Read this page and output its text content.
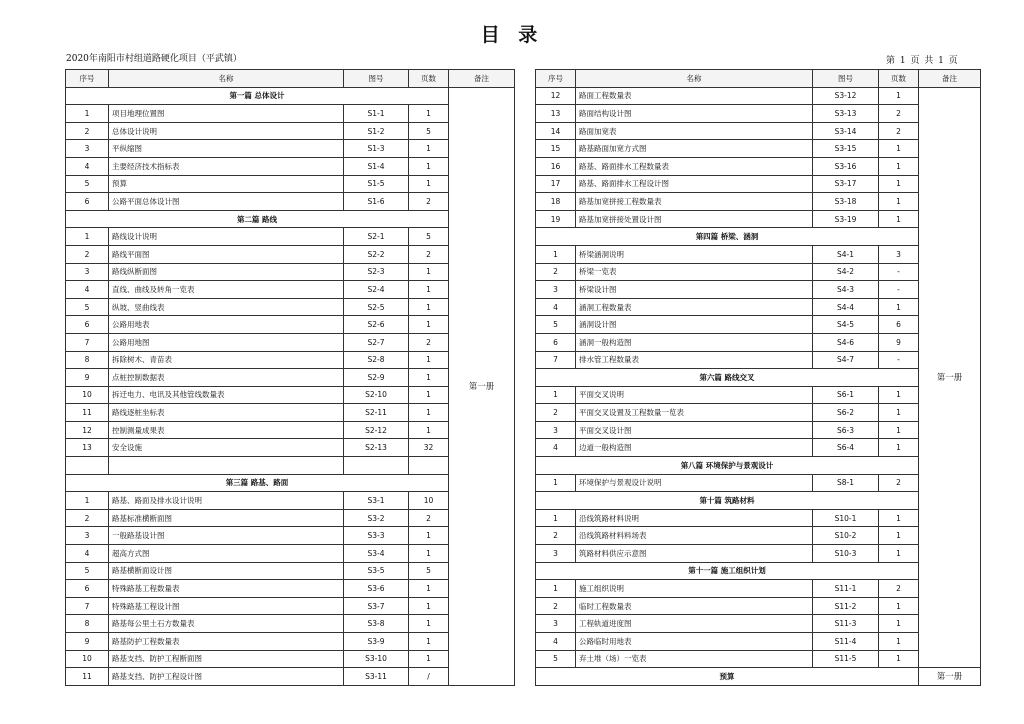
目 录
2020年南阳市村组道路硬化项目（平武镇）	第 1 页 共 1 页
序号	名称	图号	页数	备注
第一篇 总体设计				第一册
1	项目地理位置图	S1-1	1	
2	总体设计说明	S1-2	5	
3	平纵缩图	S1-3	1	
4	主要经济技术指标表	S1-4	1	
5	预算	S1-5	1	
6	公路平面总体设计图	S1-6	2	
第二篇 路线				
1	路线设计说明	S2-1	5	
2	路线平面图	S2-2	2	
3	路线纵断面图	S2-3	1	
4	直线、曲线及转角一览表	S2-4	1	
5	纵坡、竖曲线表	S2-5	1	
6	公路用地表	S2-6	1	
7	公路用地图	S2-7	2	
8	拆除树木、青苗表	S2-8	1	
9	点桩控制数据表	S2-9	1	
10	拆迁电力、电讯及其他管线数量表	S2-10	1	
11	路线逐桩坐标表	S2-11	1	
12	控制测量成果表	S2-12	1	
13	安全设施	S2-13	32	

第三篇 路基、路面				
1	路基、路面及排水设计说明	S3-1	10	
2	路基标准横断面图	S3-2	2	
3	一般路基设计图	S3-3	1	
4	超高方式图	S3-4	1	
5	路基横断面设计图	S3-5	5	
6	特殊路基工程数量表	S3-6	1	
7	特殊路基工程设计图	S3-7	1	
8	路基每公里土石方数量表	S3-8	1	
9	路基防护工程数量表	S3-9	1	
10	路基支挡、防护工程断面图	S3-10	1	
11	路基支挡、防护工程设计图	S3-11	/	
序号	名称	图号	页数	备注
12	路面工程数量表	S3-12	1	第一册
13	路面结构设计图	S3-13	2	
14	路面加宽表	S3-14	2	
15	路基路面加宽方式图	S3-15	1	
16	路基、路面排水工程数量表	S3-16	1	
17	路基、路面排水工程设计图	S3-17	1	
18	路基加宽拼接工程数量表	S3-18	1	
19	路基加宽拼接处置设计图	S3-19	1	
第四篇 桥梁、涵洞				
1	桥梁涵洞说明	S4-1	3	
2	桥梁一览表	S4-2	-	
3	桥梁设计图	S4-3	-	
4	涵洞工程数量表	S4-4	1	
5	涵洞设计图	S4-5	6	
6	涵洞一般构造图	S4-6	9	
7	排水管工程数量表	S4-7	-	
第六篇 路线交叉				
1	平面交叉说明	S6-1	1	
2	平面交叉设置及工程数量一览表	S6-2	1	
3	平面交叉设计图	S6-3	1	
4	边道一般构造图	S6-4	1	
第八篇 环境保护与景观设计				
1	环境保护与景观设计说明	S8-1	2	
第十篇 筑路材料				
1	沿线筑路材料说明	S10-1	1	
2	沿线筑路材料料场表	S10-2	1	
3	筑路材料供应示意图	S10-3	1	
第十一篇 施工组织计划				
1	施工组织说明	S11-1	2	
2	临时工程数量表	S11-2	1	
3	工程轨道进度图	S11-3	1	
4	公路临时用地表	S11-4	1	
5	弃土堆（场）一览表	S11-5	1	
预算				第一册
